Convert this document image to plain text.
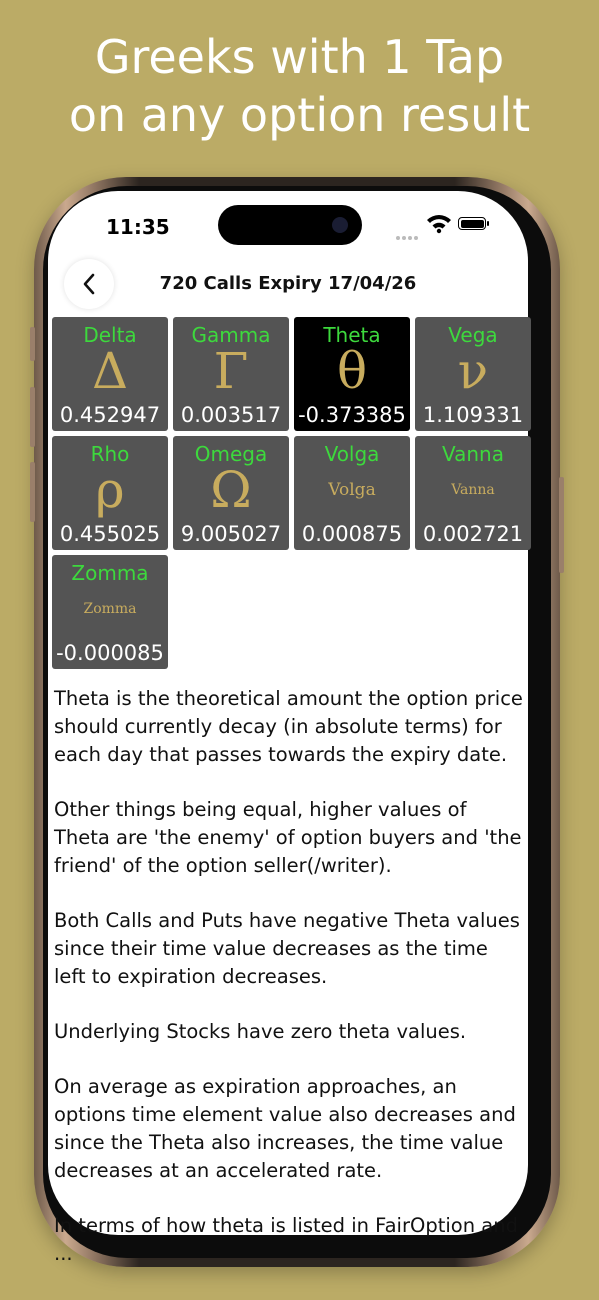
Greeks with 1 Tap
on any option result
11:35
720 Calls Expiry 17/04/26
Delta
Δ
0.452947
Gamma
Γ
0.003517
Theta
θ
-0.373385
Vega
ν
1.109331
Rho
ρ
0.455025
Omega
Ω
9.005027
Volga
Volga
0.000875
Vanna
Vanna
0.002721
Zomma
Zomma
-0.000085

Theta is the theoretical amount the option price should currently decay (in absolute terms) for each day that passes towards the expiry date.

Other things being equal, higher values of Theta are 'the enemy' of option buyers and 'the friend' of the option seller(/writer).

Both Calls and Puts have negative Theta values since their time value decreases as the time left to expiration decreases.

Underlying Stocks have zero theta values.

On average as expiration approaches, an options time element value also decreases and since the Theta also increases, the time value decreases at an accelerated rate.

In terms of how theta is listed in FairOption and ...
